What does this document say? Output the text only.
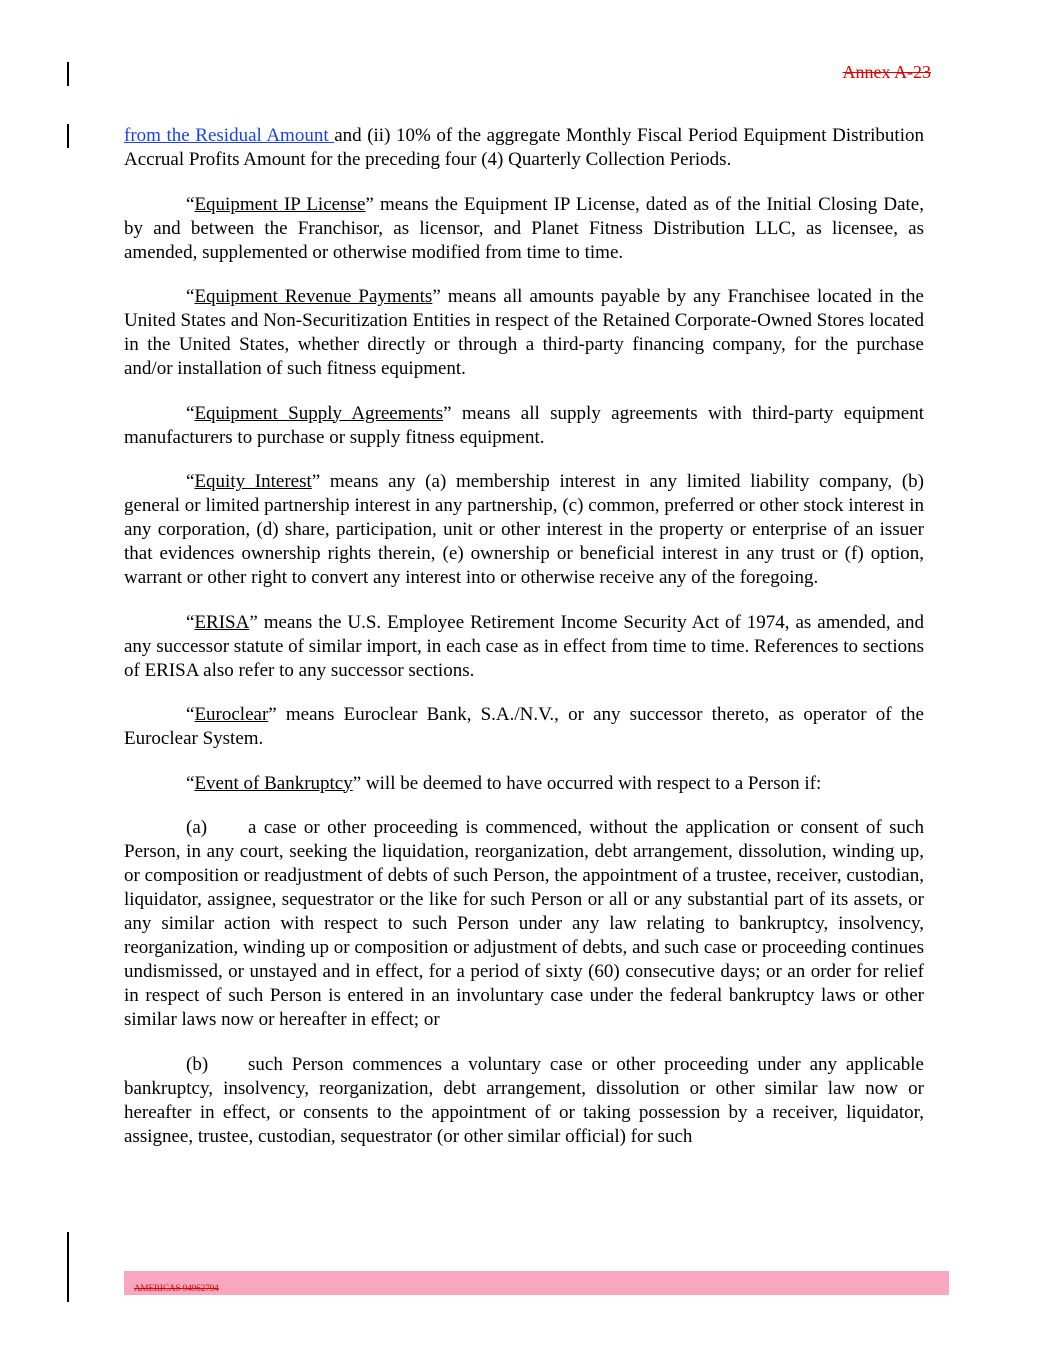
Annex A-23

from the Residual Amount and (ii) 10% of the aggregate Monthly Fiscal Period Equipment Distribution Accrual Profits Amount for the preceding four (4) Quarterly Collection Periods.

“Equipment IP License” means the Equipment IP License, dated as of the Initial Closing Date, by and between the Franchisor, as licensor, and Planet Fitness Distribution LLC, as licensee, as amended, supplemented or otherwise modified from time to time.

“Equipment Revenue Payments” means all amounts payable by any Franchisee located in the United States and Non-Securitization Entities in respect of the Retained Corporate-Owned Stores located in the United States, whether directly or through a third-party financing company, for the purchase and/or installation of such fitness equipment.

“Equipment Supply Agreements” means all supply agreements with third-party equipment manufacturers to purchase or supply fitness equipment.

“Equity Interest” means any (a) membership interest in any limited liability company, (b) general or limited partnership interest in any partnership, (c) common, preferred or other stock interest in any corporation, (d) share, participation, unit or other interest in the property or enterprise of an issuer that evidences ownership rights therein, (e) ownership or beneficial interest in any trust or (f) option, warrant or other right to convert any interest into or otherwise receive any of the foregoing.

“ERISA” means the U.S. Employee Retirement Income Security Act of 1974, as amended, and any successor statute of similar import, in each case as in effect from time to time. References to sections of ERISA also refer to any successor sections.

“Euroclear” means Euroclear Bank, S.A./N.V., or any successor thereto, as operator of the Euroclear System.

“Event of Bankruptcy” will be deemed to have occurred with respect to a Person if:

(a) a case or other proceeding is commenced, without the application or consent of such Person, in any court, seeking the liquidation, reorganization, debt arrangement, dissolution, winding up, or composition or readjustment of debts of such Person, the appointment of a trustee, receiver, custodian, liquidator, assignee, sequestrator or the like for such Person or all or any substantial part of its assets, or any similar action with respect to such Person under any law relating to bankruptcy, insolvency, reorganization, winding up or composition or adjustment of debts, and such case or proceeding continues undismissed, or unstayed and in effect, for a period of sixty (60) consecutive days; or an order for relief in respect of such Person is entered in an involuntary case under the federal bankruptcy laws or other similar laws now or hereafter in effect; or

(b) such Person commences a voluntary case or other proceeding under any applicable bankruptcy, insolvency, reorganization, debt arrangement, dissolution or other similar law now or hereafter in effect, or consents to the appointment of or taking possession by a receiver, liquidator, assignee, trustee, custodian, sequestrator (or other similar official) for such

AMERICAS 94962794
